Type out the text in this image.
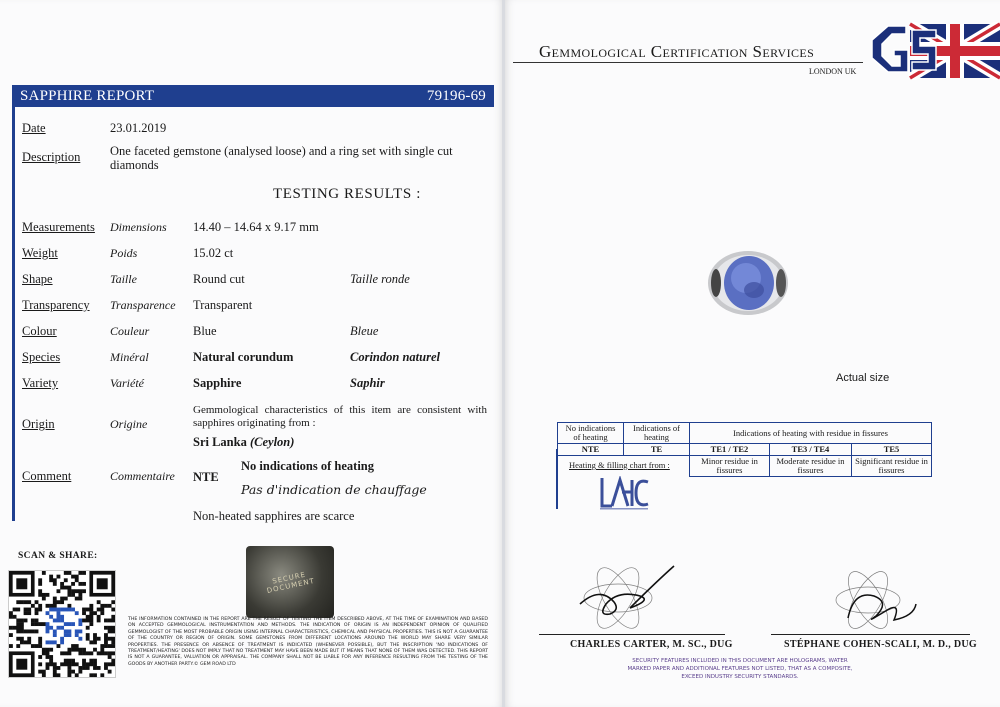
SAPPHIRE REPORT	79196-69
Date	23.01.2019
Description One faceted gemstone (analysed loose) and a ring set with single cut diamonds
TESTING RESULTS :
Measurements Dimensions 14.40 – 14.64 x 9.17 mm
Weight	Poids	15.02 ct
Shape	Taille	Round cut	Taille ronde
Transparency Transparence Transparent
Colour	Couleur	Blue	Bleue
Species	Minéral	Natural corundum	Corindon naturel
Variety	Variété	Sapphire	Saphir
Origin	Origine
Gemmological characteristics of this item are consistent with sapphires originating from :
Sri Lanka (Ceylon)
Comment	Commentaire NTE
No indications of heating
Pas d'indication de chauffage
Non-heated sapphires are scarce
SCAN & SHARE:
SECURE DOCUMENT
THE INFORMATION CONTAINED IN THE REPORT ARE THE RESULT OF TESTING THE ITEM DESCRIBED ABOVE, AT THE TIME OF EXAMINATION AND BASED ON ACCEPTED GEMMOLOGICAL INSTRUMENTATION AND METHODS. THE INDICATION OF ORIGIN IS AN INDEPENDENT OPINION OF QUALIFIED GEMMOLOGIST OF THE MOST PROBABLE ORIGIN USING INTERNAL CHARACTERISTICS, CHEMICAL AND PHYSICAL PROPERTIES. THIS IS NOT A GUARANTEE OF THE COUNTRY OR REGION OF ORIGIN. SOME GEMSTONES FROM DIFFERENT LOCATIONS AROUND THE WORLD MAY SHARE VERY SIMILAR PROPERTIES. THE PRESENCE OR ABSENCE OF TREATMENT IS INDICATED (WHENEVER POSSIBLE), BUT THE INSCRIPTION 'NO INDICATIONS OF TREATMENT/HEATING' DOES NOT IMPLY THAT NO TREATMENT MAY HAVE BEEN MADE BUT IT MEANS THAT NONE OF THEM WAS DETECTED. THIS REPORT IS NOT A GUARANTEE, VALUATION OR APPRAISAL. THE COMPANY SHALL NOT BE LIABLE FOR ANY INFERENCE RESULTING FROM THE TESTING OF THE GOODS BY ANOTHER PARTY.© GEM ROAD LTD
Gemmological Certification Services
LONDON UK
Actual size
No indications of heating	Indications of heating	Indications of heating with residue in fissures		
NTE	TE	TE1 / TE2	TE3 / TE4	TE5
		Minor residue in fissures	Moderate residue in fissures	Significant residue in fissures
Heating & filling chart from :
CHARLES CARTER, M. SC., DUG	STÉPHANE COHEN-SCALI, M. D., DUG
SECURITY FEATURES INCLUDED IN THIS DOCUMENT ARE HOLOGRAMS, WATER MARKED PAPER AND ADDITIONAL FEATURES NOT LISTED, THAT AS A COMPOSITE, EXCEED INDUSTRY SECURITY STANDARDS.
